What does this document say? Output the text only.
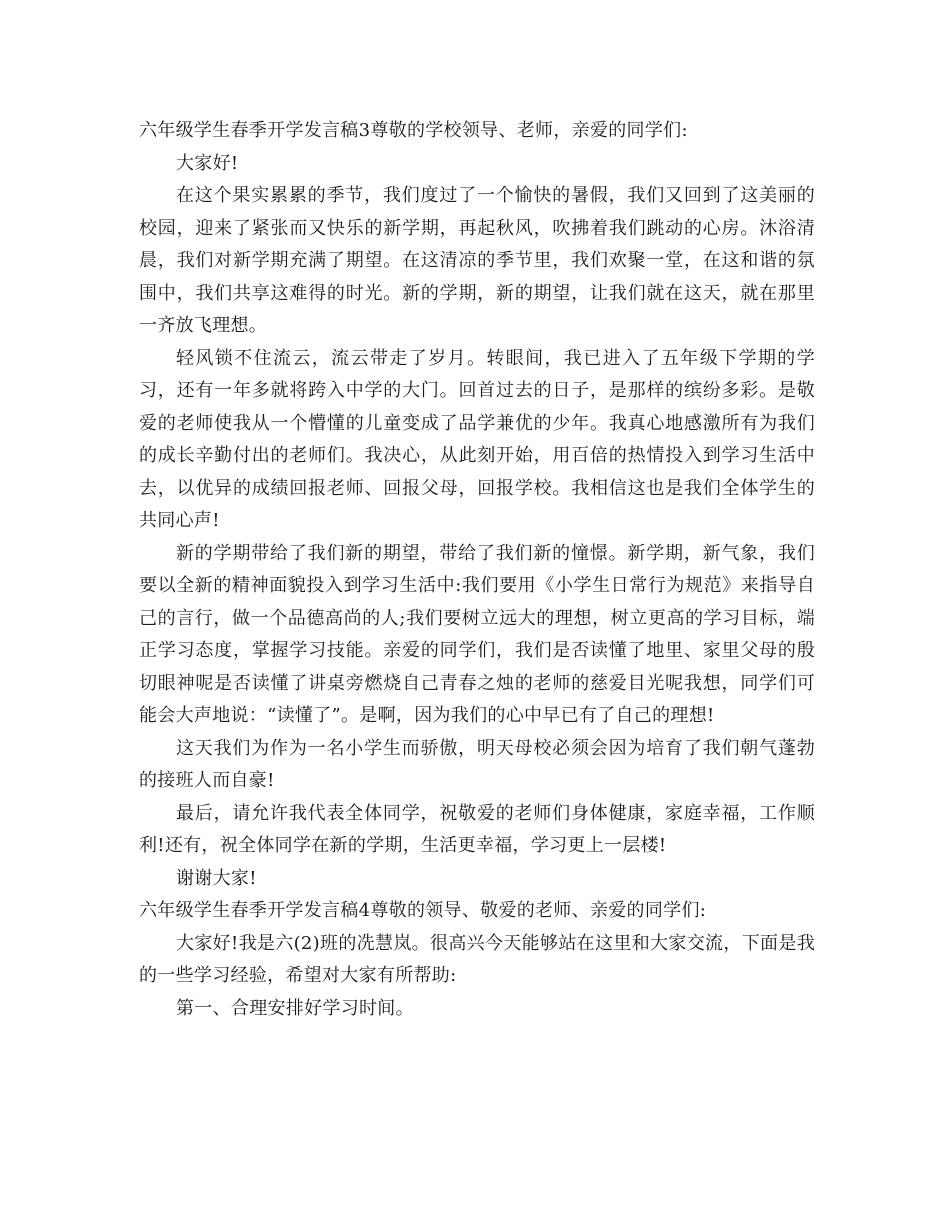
六年级学生春季开学发言稿3尊敬的学校领导、老师，亲爱的同学们:

大家好!

在这个果实累累的季节，我们度过了一个愉快的暑假，我们又回到了这美丽的校园，迎来了紧张而又快乐的新学期，再起秋风，吹拂着我们跳动的心房。沐浴清晨，我们对新学期充满了期望。在这清凉的季节里，我们欢聚一堂，在这和谐的氛围中，我们共享这难得的时光。新的学期，新的期望，让我们就在这天，就在那里一齐放飞理想。

轻风锁不住流云，流云带走了岁月。转眼间，我已进入了五年级下学期的学习，还有一年多就将跨入中学的大门。回首过去的日子，是那样的缤纷多彩。是敬爱的老师使我从一个懵懂的儿童变成了品学兼优的少年。我真心地感激所有为我们的成长辛勤付出的老师们。我决心，从此刻开始，用百倍的热情投入到学习生活中去，以优异的成绩回报老师、回报父母，回报学校。我相信这也是我们全体学生的共同心声!

新的学期带给了我们新的期望，带给了我们新的憧憬。新学期，新气象，我们要以全新的精神面貌投入到学习生活中:我们要用《小学生日常行为规范》来指导自己的言行，做一个品德高尚的人;我们要树立远大的理想，树立更高的学习目标，端正学习态度，掌握学习技能。亲爱的同学们，我们是否读懂了地里、家里父母的殷切眼神呢是否读懂了讲桌旁燃烧自己青春之烛的老师的慈爱目光呢我想，同学们可能会大声地说：“读懂了”。是啊，因为我们的心中早已有了自己的理想!

这天我们为作为一名小学生而骄傲，明天母校必须会因为培育了我们朝气蓬勃的接班人而自豪!

最后，请允许我代表全体同学，祝敬爱的老师们身体健康，家庭幸福，工作顺利!还有，祝全体同学在新的学期，生活更幸福，学习更上一层楼!

谢谢大家!

六年级学生春季开学发言稿4尊敬的领导、敬爱的老师、亲爱的同学们:

大家好!我是六(2)班的冼慧岚。很高兴今天能够站在这里和大家交流，下面是我的一些学习经验，希望对大家有所帮助:

第一、合理安排好学习时间。
